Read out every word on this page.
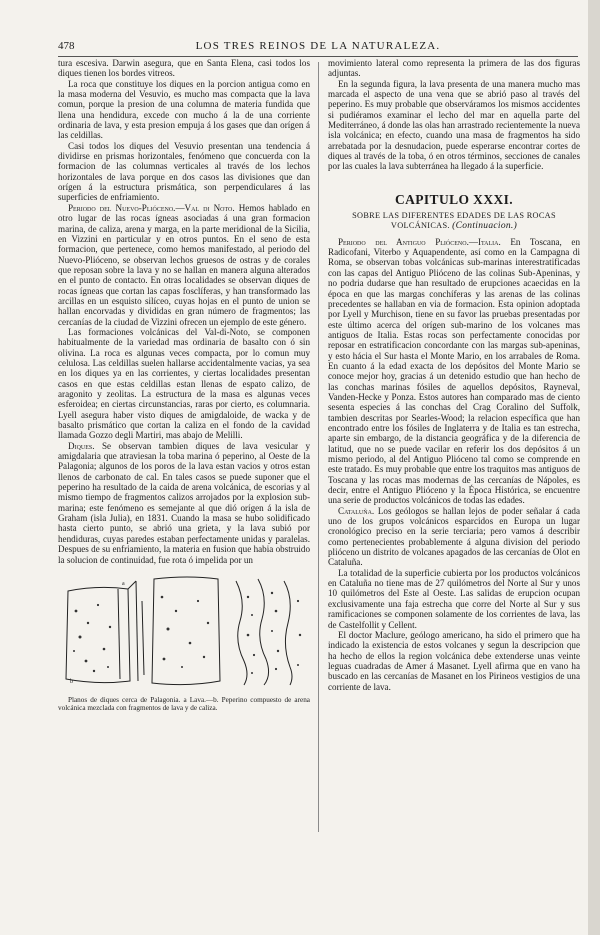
478	LOS TRES REINOS DE LA NATURALEZA.

tura escesiva. Darwin asegura, que en Santa Elena, casi todos los diques tienen los bordes vitreos.

La roca que constituye los diques en la porcion antigua como en la masa moderna del Vesuvio, es mucho mas compacta que la lava comun, porque la presion de una columna de materia fundida que llena una hendidura, excede con mucho á la de una corriente ordinaria de lava, y esta presion empuja á los gases que dan orígen á las celdillas.

Casi todos los diques del Vesuvio presentan una tendencia á dividirse en prismas horizontales, fenómeno que concuerda con la formacion de las columnas verticales al través de los lechos horizontales de lava porque en dos casos las divisiones que dan orígen á la estructura prismática, son perpendiculares á las superficies de enfriamiento.

Periodo del Nuevo-Plióceno.—Val di Noto. Hemos hablado en otro lugar de las rocas ígneas asociadas á una gran formacion marina, de caliza, arena y marga, en la parte meridional de la Sicilia, en Vizzini en particular y en otros puntos. En el seno de esta formacion, que pertenece, como hemos manifestado, al periodo del Nuevo-Plióceno, se observan lechos gruesos de ostras y de corales que reposan sobre la lava y no se hallan en manera alguna alterados en el punto de contacto. En otras localidades se observan diques de rocas ígneas que cortan las capas fosclíferas, y han transformado las arcillas en un esquisto silíceo, cuyas hojas en el punto de union se hallan encorvadas y divididas en gran número de fragmentos; las cercanías de la ciudad de Vizzini ofrecen un ejemplo de este género.

Las formaciones volcánicas del Val-di-Noto, se componen habitualmente de la variedad mas ordinaria de basalto con ó sin olivina. La roca es algunas veces compacta, por lo comun muy celulosa. Las celdillas suelen hallarse accidentalmente vacias, ya sea en los diques ya en las corrientes, y ciertas localidades presentan casos en que estas celdillas estan llenas de espato calizo, de aragonito y zeolitas. La estructura de la masa es algunas veces esferoidea; en ciertas circunstancias, raras por cierto, es columnaria. Lyell asegura haber visto diques de amigdaloide, de wacka y de basalto prismático que cortan la caliza en el fondo de la cavidad llamada Gozzo degli Martiri, mas abajo de Melilli.

Diques. Se observan tambien diques de lava vesicular y amigdalaria que atraviesan la toba marina ó peperino, al Oeste de la Palagonia; algunos de los poros de la lava estan vacios y otros estan llenos de carbonato de cal. En tales casos se puede suponer que el peperino ha resultado de la caida de arena volcánica, de escorias y al mismo tiempo de fragmentos calizos arrojados por la explosion sub-marina; este fenómeno es semejante al que dió orígen á la isla de Graham (isla Julia), en 1831. Cuando la masa se hubo solidificado hasta cierto punto, se abrió una grieta, y la lava subió por hendiduras, cuyas paredes estaban perfectamente unidas y paralelas. Despues de su enfriamiento, la materia en fusion que habia obstruido la solucion de continuidad, fue rota ó impelida por un

b
a

Planos de diques cerca de Palagonia. a Lava.—b. Peperino compuesto de arena volcánica mezclada con fragmentos de lava y de caliza.

movimiento lateral como representa la primera de las dos figuras adjuntas.

En la segunda figura, la lava presenta de una manera mucho mas marcada el aspecto de una vena que se abrió paso al través del peperino. Es muy probable que observáramos los mismos accidentes si pudiéramos examinar el lecho del mar en aquella parte del Mediterráneo, á donde las olas han arrastrado recientemente la nueva isla volcánica; en efecto, cuando una masa de fragmentos ha sido arrebatada por la desnudacion, puede esperarse encontrar cortes de diques al través de la toba, ó en otros términos, secciones de canales por las cuales la lava subterránea ha llegado á la superficie.

CAPITULO XXXI.
SOBRE LAS DIFERENTES EDADES DE LAS ROCAS VOLCÁNICAS. (Continuacion.)

Periodo del Antiguo Plióceno.—Italia. En Toscana, en Radicofani, Viterbo y Aquapendente, así como en la Campagna di Roma, se observan tobas volcánicas sub-marinas interestratificadas con las capas del Antiguo Plióceno de las colinas Sub-Apeninas, y no podria dudarse que han resultado de erupciones acaecidas en la época en que las margas conchíferas y las arenas de las colinas precedentes se hallaban en via de formacion. Esta opinion adoptada por Lyell y Murchison, tiene en su favor las pruebas presentadas por este último acerca del orígen sub-marino de los volcanes mas antiguos de Italia. Estas rocas son perfectamente conocidas por reposar en estratificacion concordante con las margas sub-apeninas, y esto hácia el Sur hasta el Monte Mario, en los arrabales de Roma. En cuanto á la edad exacta de los depósitos del Monte Mario se conoce mejor hoy, gracias á un detenido estudio que han hecho de las conchas marinas fósiles de aquellos depósitos, Rayneval, Vanden-Hecke y Ponza. Estos autores han comparado mas de ciento sesenta especies á las conchas del Crag Coralino del Suffolk, tambien descritas por Searles-Wood; la relacion específica que han encontrado entre los fósiles de Inglaterra y de Italia es tan estrecha, aparte sin embargo, de la distancia geográfica y de la diferencia de latitud, que no se puede vacilar en referir los dos depósitos á un mismo periodo, al del Antiguo Plióceno tal como se comprende en este tratado. Es muy probable que entre los traquitos mas antiguos de Toscana y las rocas mas modernas de las cercanías de Nápoles, es decir, entre el Antiguo Plióceno y la Época Histórica, se encuentre una serie de productos volcánicos de todas las edades.

Cataluña. Los geólogos se hallan lejos de poder señalar á cada uno de los grupos volcánicos esparcidos en Europa un lugar cronológico preciso en la serie terciaria; pero vamos á describir como pertenecientes probablemente á alguna division del periodo plióceno un distrito de volcanes apagados de las cercanías de Olot en Cataluña.

La totalidad de la superficie cubierta por los productos volcánicos en Cataluña no tiene mas de 27 quilómetros del Norte al Sur y unos 10 quilómetros del Este al Oeste. Las salidas de erupcion ocupan exclusivamente una faja estrecha que corre del Norte al Sur y sus ramificaciones se componen solamente de los corrientes de lava, las de Castelfollit y Cellent.

El doctor Maclure, geólogo americano, ha sido el primero que ha indicado la existencia de estos volcanes y segun la descripcion que ha hecho de ellos la region volcánica debe extenderse unas veinte leguas cuadradas de Amer á Masanet. Lyell afirma que en vano ha buscado en las cercanías de Masanet en los Pirineos vestigios de una corriente de lava.
